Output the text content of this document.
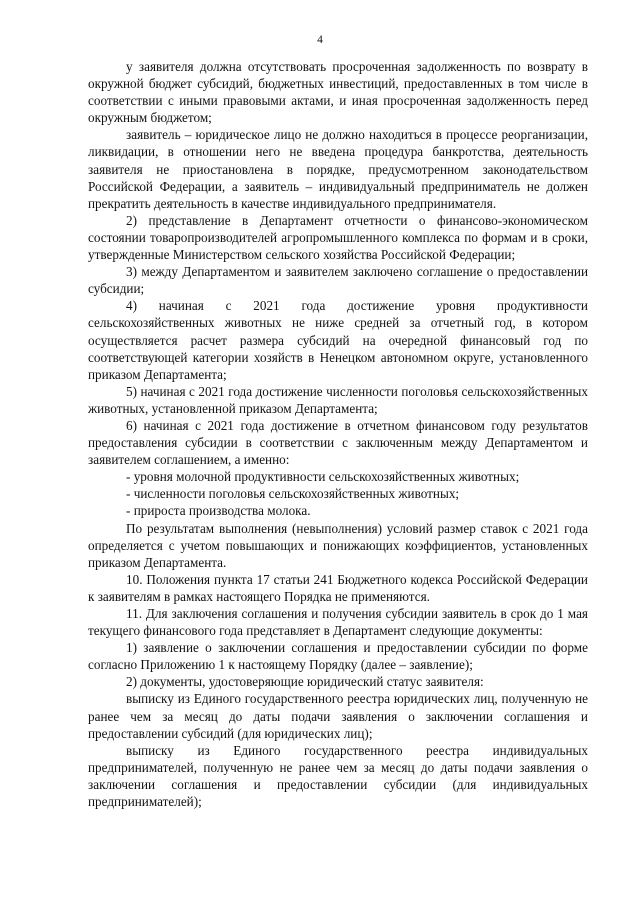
4

у заявителя должна отсутствовать просроченная задолженность по возврату в окружной бюджет субсидий, бюджетных инвестиций, предоставленных в том числе в соответствии с иными правовыми актами, и иная просроченная задолженность перед окружным бюджетом;

заявитель – юридическое лицо не должно находиться в процессе реорганизации, ликвидации, в отношении него не введена процедура банкротства, деятельность заявителя не приостановлена в порядке, предусмотренном законодательством Российской Федерации, а заявитель – индивидуальный предприниматель не должен прекратить деятельность в качестве индивидуального предпринимателя.

2) представление в Департамент отчетности о финансово-экономическом состоянии товаропроизводителей агропромышленного комплекса по формам и в сроки, утвержденные Министерством сельского хозяйства Российской Федерации;

3) между Департаментом и заявителем заключено соглашение о предоставлении субсидии;

4) начиная с 2021 года достижение уровня продуктивности сельскохозяйственных животных не ниже средней за отчетный год, в котором осуществляется расчет размера субсидий на очередной финансовый год по соответствующей категории хозяйств в Ненецком автономном округе, установленного приказом Департамента;

5) начиная с 2021 года достижение численности поголовья сельскохозяйственных животных, установленной приказом Департамента;

6) начиная с 2021 года достижение в отчетном финансовом году результатов предоставления субсидии в соответствии с заключенным между Департаментом и заявителем соглашением, а именно:

- уровня молочной продуктивности сельскохозяйственных животных;

- численности поголовья сельскохозяйственных животных;

- прироста производства молока.

По результатам выполнения (невыполнения) условий размер ставок с 2021 года определяется с учетом повышающих и понижающих коэффициентов, установленных приказом Департамента.

10. Положения пункта 17 статьи 241 Бюджетного кодекса Российской Федерации к заявителям в рамках настоящего Порядка не применяются.

11. Для заключения соглашения и получения субсидии заявитель в срок до 1 мая текущего финансового года представляет в Департамент следующие документы:

1) заявление о заключении соглашения и предоставлении субсидии по форме согласно Приложению 1 к настоящему Порядку (далее – заявление);

2) документы, удостоверяющие юридический статус заявителя:

выписку из Единого государственного реестра юридических лиц, полученную не ранее чем за месяц до даты подачи заявления о заключении соглашения и предоставлении субсидий (для юридических лиц);

выписку из Единого государственного реестра индивидуальных предпринимателей, полученную не ранее чем за месяц до даты подачи заявления о заключении соглашения и предоставлении субсидии (для индивидуальных предпринимателей);
